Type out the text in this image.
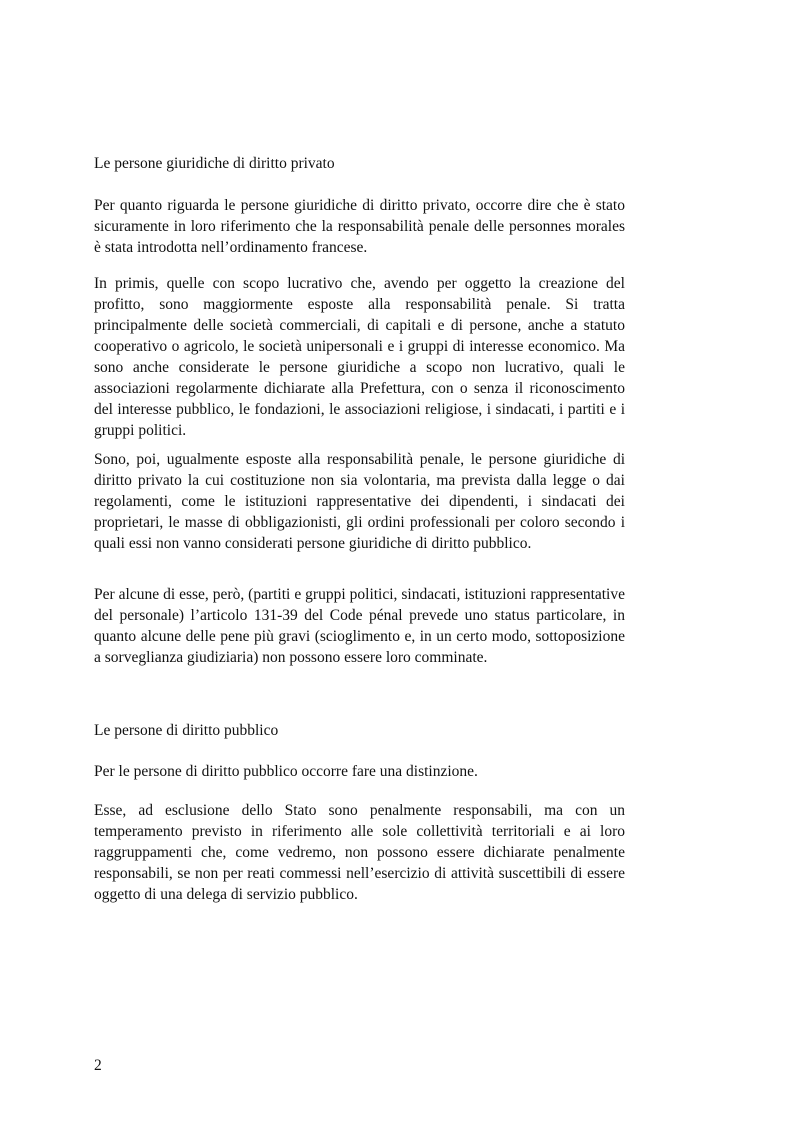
Le persone giuridiche di diritto privato

Per quanto riguarda le persone giuridiche di diritto privato, occorre dire che è stato sicuramente in loro riferimento che la responsabilità penale delle personnes morales è stata introdotta nell’ordinamento francese.

In primis, quelle con scopo lucrativo che, avendo per oggetto la creazione del profitto, sono maggiormente esposte alla responsabilità penale. Si tratta principalmente delle società commerciali, di capitali e di persone, anche a statuto cooperativo o agricolo, le società unipersonali e i gruppi di interesse economico. Ma sono anche considerate le persone giuridiche a scopo non lucrativo, quali le associazioni regolarmente dichiarate alla Prefettura, con o senza il riconoscimento del interesse pubblico, le fondazioni, le associazioni religiose, i sindacati, i partiti e i gruppi politici.

Sono, poi, ugualmente esposte alla responsabilità penale, le persone giuridiche di diritto privato la cui costituzione non sia volontaria, ma prevista dalla legge o dai regolamenti, come le istituzioni rappresentative dei dipendenti, i sindacati dei proprietari, le masse di obbligazionisti, gli ordini professionali per coloro secondo i quali essi non vanno considerati persone giuridiche di diritto pubblico.

Per alcune di esse, però, (partiti e gruppi politici, sindacati, istituzioni rappresentative del personale) l’articolo 131-39 del Code pénal prevede uno status particolare, in quanto alcune delle pene più gravi (scioglimento e, in un certo modo, sottoposizione a sorveglianza giudiziaria) non possono essere loro comminate.

Le persone di diritto pubblico

Per le persone di diritto pubblico occorre fare una distinzione.

Esse, ad esclusione dello Stato sono penalmente responsabili, ma con un temperamento previsto in riferimento alle sole collettività territoriali e ai loro raggruppamenti che, come vedremo, non possono essere dichiarate penalmente responsabili, se non per reati commessi nell’esercizio di attività suscettibili di essere oggetto di una delega di servizio pubblico.

2
